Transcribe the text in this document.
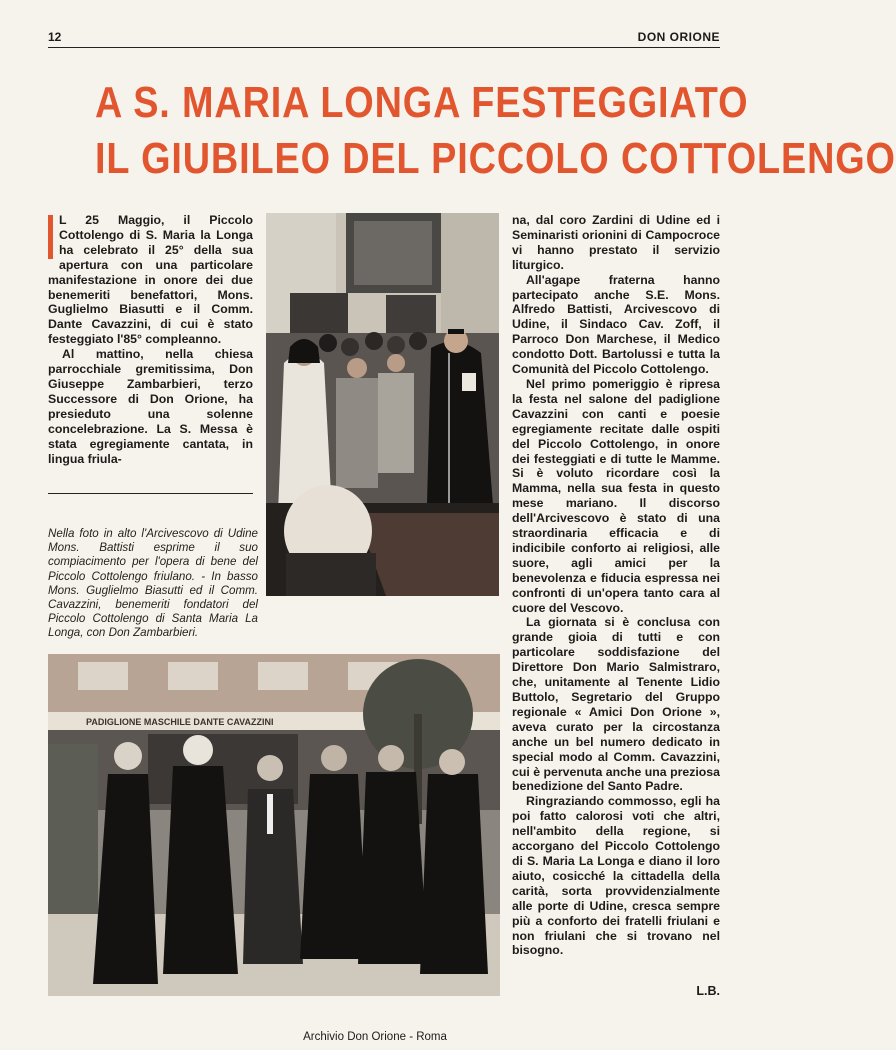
12	DON ORIONE
A S. MARIA LONGA FESTEGGIATO
IL GIUBILEO DEL PICCOLO COTTOLENGO

L 25 Maggio, il Piccolo Cottolengo di S. Maria la Longa ha celebrato il 25° della sua apertura con una particolare manifestazione in onore dei due benemeriti benefattori, Mons. Guglielmo Biasutti e il Comm. Dante Cavazzini, di cui è stato festeggiato l'85° compleanno.

Al mattino, nella chiesa parrocchiale gremitissima, Don Giuseppe Zambarbieri, terzo Successore di Don Orione, ha presieduto una solenne concelebrazione. La S. Messa è stata egregiamente cantata, in lingua friula-

Nella foto in alto l'Arcivescovo di Udine Mons. Battisti esprime il suo compiacimento per l'opera di bene del Piccolo Cottolengo friulano. - In basso Mons. Guglielmo Biasutti ed il Comm. Cavazzini, benemeriti fondatori del Piccolo Cottolengo di Santa Maria La Longa, con Don Zambarbieri.

na, dal coro Zardini di Udine ed i Seminaristi orionini di Campocroce vi hanno prestato il servizio liturgico.

All'agape fraterna hanno partecipato anche S.E. Mons. Alfredo Battisti, Arcivescovo di Udine, il Sindaco Cav. Zoff, il Parroco Don Marchese, il Medico condotto Dott. Bartolussi e tutta la Comunità del Piccolo Cottolengo.

Nel primo pomeriggio è ripresa la festa nel salone del padiglione Cavazzini con canti e poesie egregiamente recitate dalle ospiti del Piccolo Cottolengo, in onore dei festeggiati e di tutte le Mamme. Si è voluto ricordare così la Mamma, nella sua festa in questo mese mariano. Il discorso dell'Arcivescovo è stato di una straordinaria efficacia e di indicibile conforto ai religiosi, alle suore, agli amici per la benevolenza e fiducia espressa nei confronti di un'opera tanto cara al cuore del Vescovo.

La giornata si è conclusa con grande gioia di tutti e con particolare soddisfazione del Direttore Don Mario Salmistraro, che, unitamente al Tenente Lidio Buttolo, Segretario del Gruppo regionale « Amici Don Orione », aveva curato per la circostanza anche un bel numero dedicato in special modo al Comm. Cavazzini, cui è pervenuta anche una preziosa benedizione del Santo Padre.

Ringraziando commosso, egli ha poi fatto calorosi voti che altri, nell'ambito della regione, si accorgano del Piccolo Cottolengo di S. Maria La Longa e diano il loro aiuto, cosicché la cittadella della carità, sorta provvidenzialmente alle porte di Udine, cresca sempre più a conforto dei fratelli friulani e non friulani che si trovano nel bisogno.

PADIGLIONE MASCHILE DANTE CAVAZZINI
L.B.
Archivio Don Orione - Roma
